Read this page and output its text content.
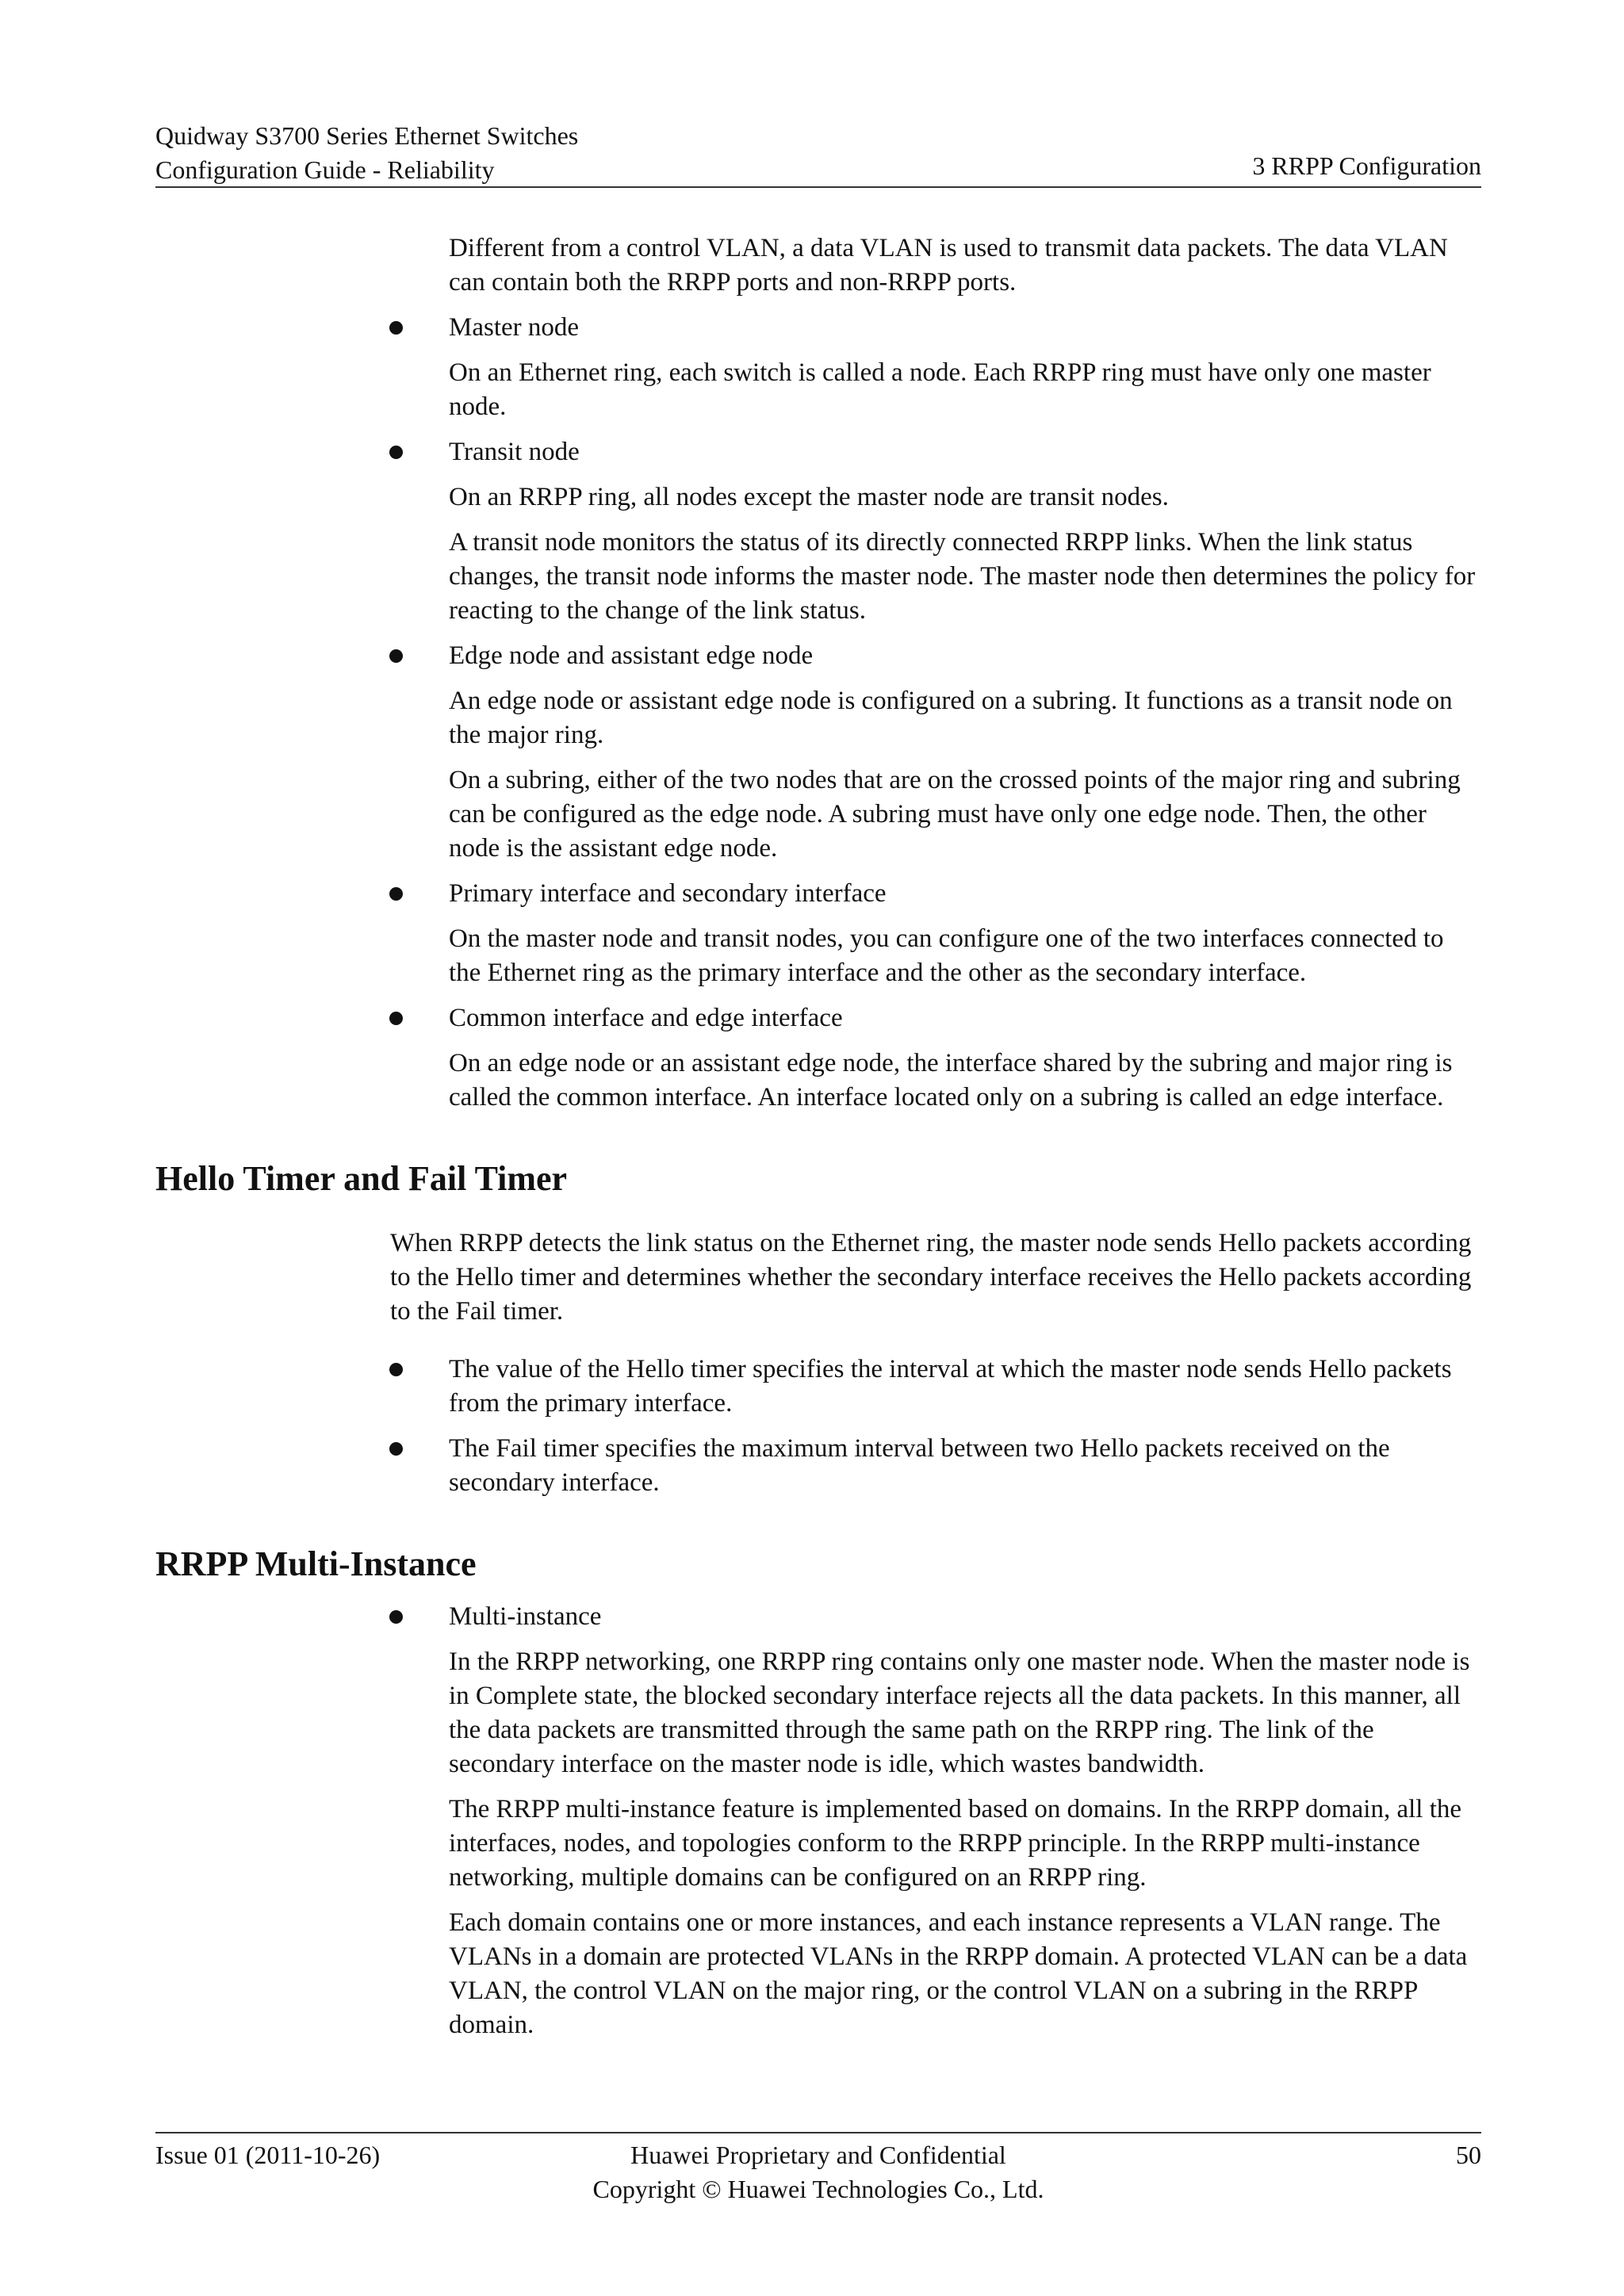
Quidway S3700 Series Ethernet Switches
Configuration Guide - Reliability	3 RRPP Configuration

Different from a control VLAN, a data VLAN is used to transmit data packets. The data VLAN can contain both the RRPP ports and non-RRPP ports.

Master node

On an Ethernet ring, each switch is called a node. Each RRPP ring must have only one master node.

Transit node

On an RRPP ring, all nodes except the master node are transit nodes.

A transit node monitors the status of its directly connected RRPP links. When the link status changes, the transit node informs the master node. The master node then determines the policy for reacting to the change of the link status.

Edge node and assistant edge node

An edge node or assistant edge node is configured on a subring. It functions as a transit node on the major ring.

On a subring, either of the two nodes that are on the crossed points of the major ring and subring can be configured as the edge node. A subring must have only one edge node. Then, the other node is the assistant edge node.

Primary interface and secondary interface

On the master node and transit nodes, you can configure one of the two interfaces connected to the Ethernet ring as the primary interface and the other as the secondary interface.

Common interface and edge interface

On an edge node or an assistant edge node, the interface shared by the subring and major ring is called the common interface. An interface located only on a subring is called an edge interface.

Hello Timer and Fail Timer

When RRPP detects the link status on the Ethernet ring, the master node sends Hello packets according to the Hello timer and determines whether the secondary interface receives the Hello packets according to the Fail timer.

The value of the Hello timer specifies the interval at which the master node sends Hello packets from the primary interface.
The Fail timer specifies the maximum interval between two Hello packets received on the secondary interface.
RRPP Multi-Instance
Multi-instance

In the RRPP networking, one RRPP ring contains only one master node. When the master node is in Complete state, the blocked secondary interface rejects all the data packets. In this manner, all the data packets are transmitted through the same path on the RRPP ring. The link of the secondary interface on the master node is idle, which wastes bandwidth.

The RRPP multi-instance feature is implemented based on domains. In the RRPP domain, all the interfaces, nodes, and topologies conform to the RRPP principle. In the RRPP multi-instance networking, multiple domains can be configured on an RRPP ring.

Each domain contains one or more instances, and each instance represents a VLAN range. The VLANs in a domain are protected VLANs in the RRPP domain. A protected VLAN can be a data VLAN, the control VLAN on the major ring, or the control VLAN on a subring in the RRPP domain.

Issue 01 (2011-10-26)	Huawei Proprietary and Confidential
Copyright © Huawei Technologies Co., Ltd.
50
